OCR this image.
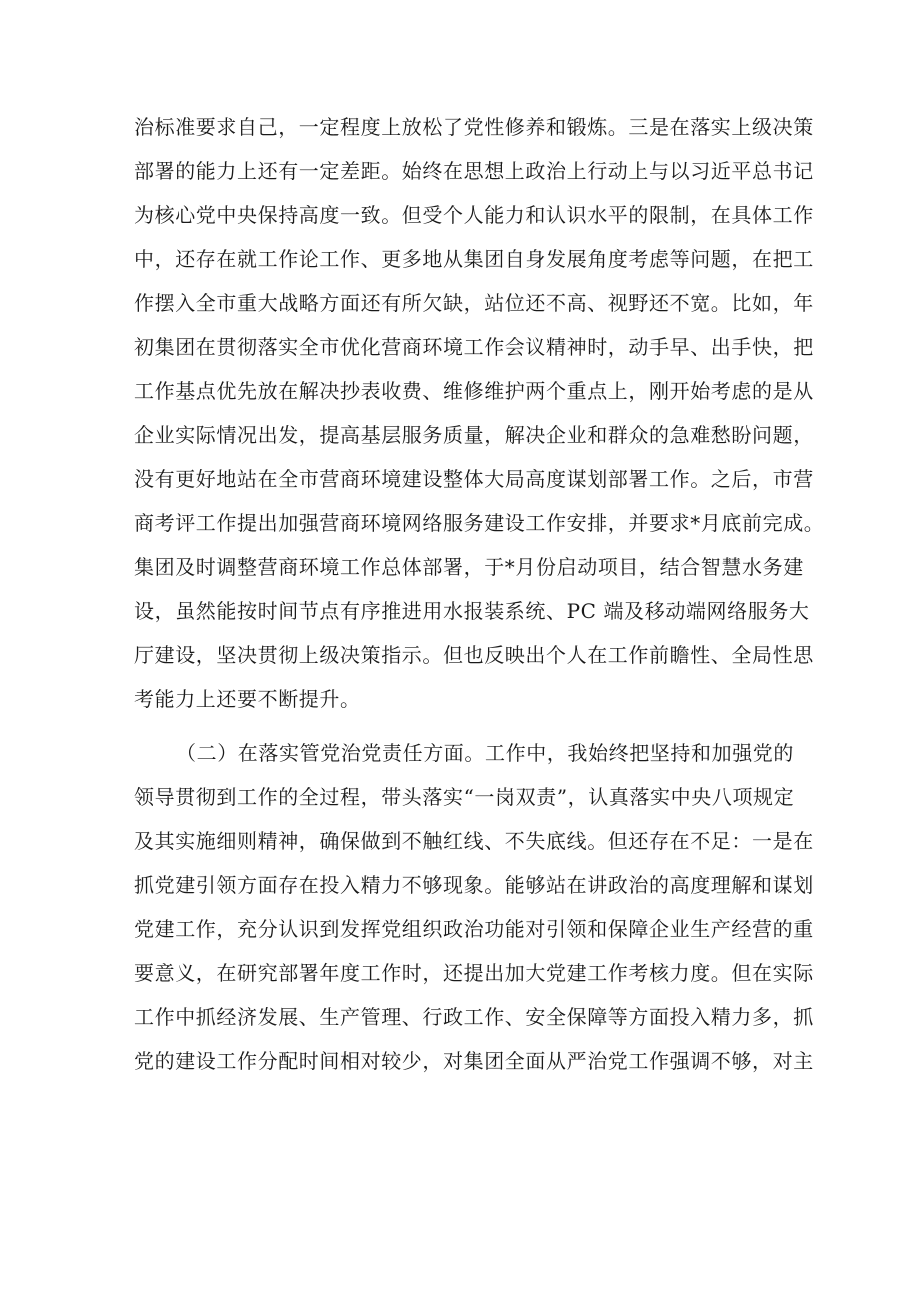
治标准要求自己，一定程度上放松了党性修养和锻炼。三是在落实上级决策
部署的能力上还有一定差距。始终在思想上政治上行动上与以习近平总书记
为核心党中央保持高度一致。但受个人能力和认识水平的限制，在具体工作
中，还存在就工作论工作、更多地从集团自身发展角度考虑等问题，在把工
作摆入全市重大战略方面还有所欠缺，站位还不高、视野还不宽。比如，年
初集团在贯彻落实全市优化营商环境工作会议精神时，动手早、出手快，把
工作基点优先放在解决抄表收费、维修维护两个重点上，刚开始考虑的是从
企业实际情况出发，提高基层服务质量，解决企业和群众的急难愁盼问题，
没有更好地站在全市营商环境建设整体大局高度谋划部署工作。之后，市营
商考评工作提出加强营商环境网络服务建设工作安排，并要求*月底前完成。
集团及时调整营商环境工作总体部署，于*月份启动项目，结合智慧水务建
设，虽然能按时间节点有序推进用水报装系统、PC 端及移动端网络服务大
厅建设，坚决贯彻上级决策指示。但也反映出个人在工作前瞻性、全局性思
考能力上还要不断提升。
（二）在落实管党治党责任方面。工作中，我始终把坚持和加强党的
领导贯彻到工作的全过程，带头落实“一岗双责”，认真落实中央八项规定
及其实施细则精神，确保做到不触红线、不失底线。但还存在不足：一是在
抓党建引领方面存在投入精力不够现象。能够站在讲政治的高度理解和谋划
党建工作，充分认识到发挥党组织政治功能对引领和保障企业生产经营的重
要意义，在研究部署年度工作时，还提出加大党建工作考核力度。但在实际
工作中抓经济发展、生产管理、行政工作、安全保障等方面投入精力多，抓
党的建设工作分配时间相对较少，对集团全面从严治党工作强调不够，对主
